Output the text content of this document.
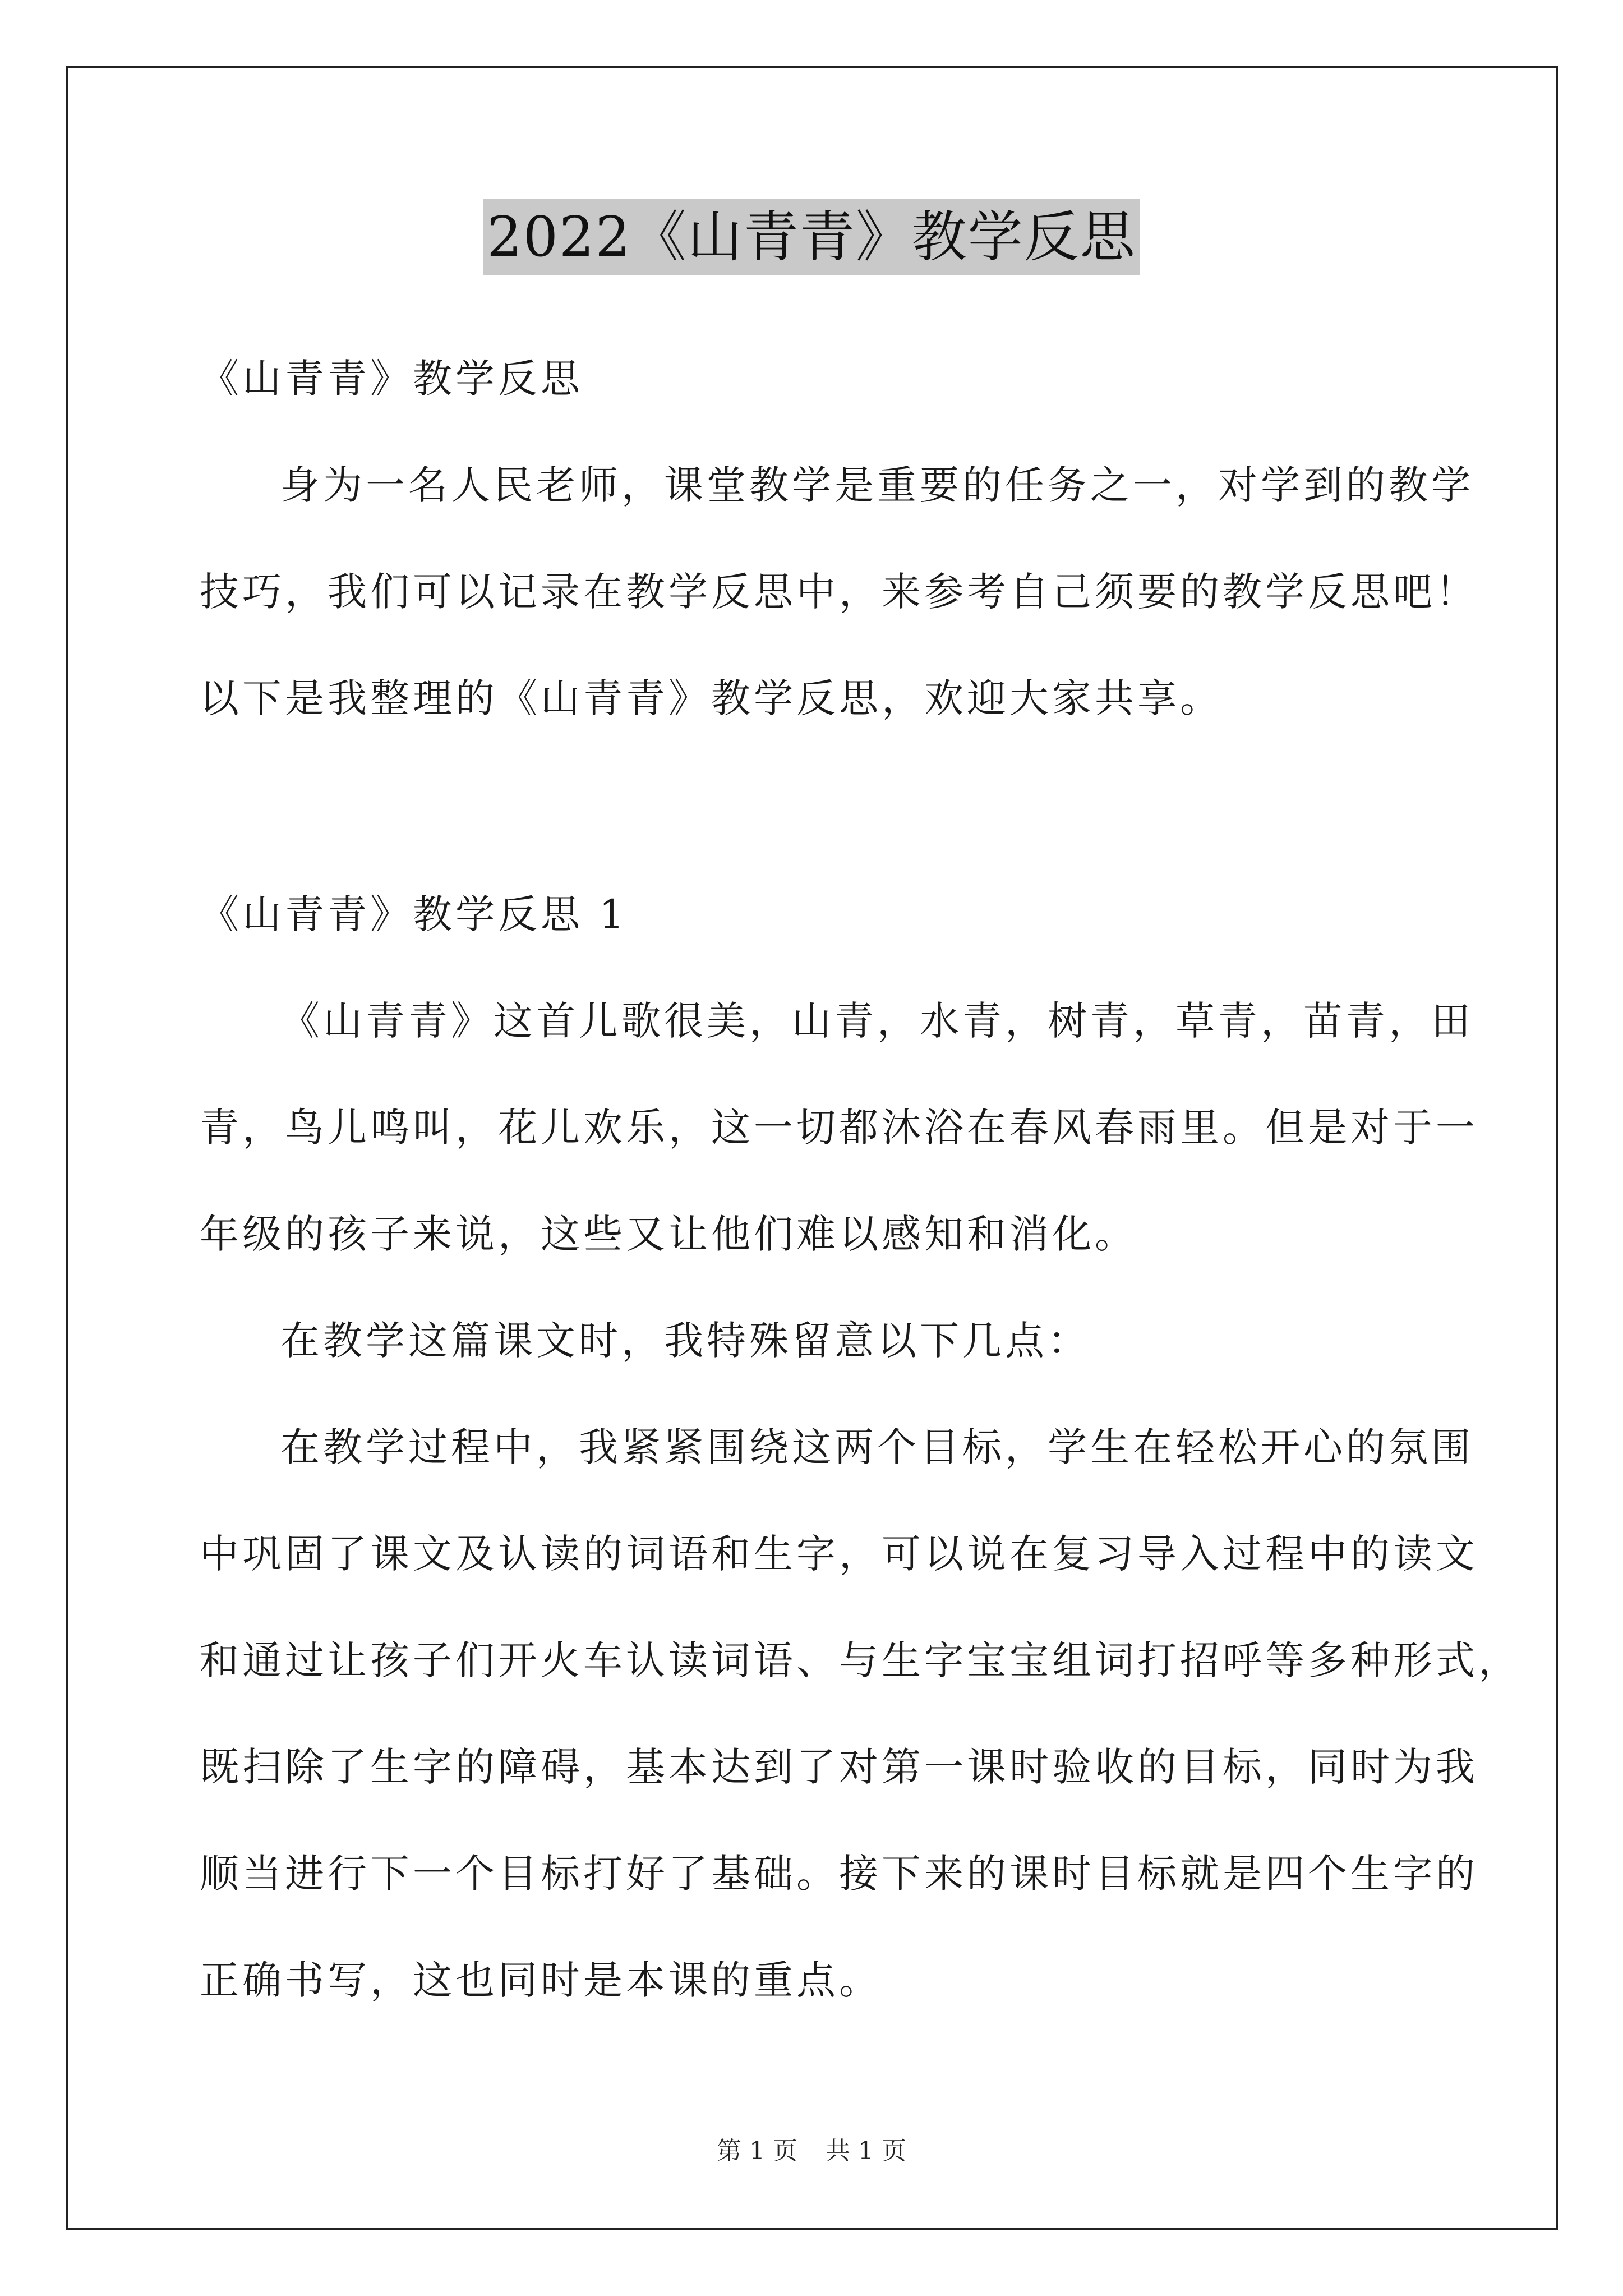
2022《山青青》教学反思
《山青青》教学反思
身为一名人民老师，课堂教学是重要的任务之一，对学到的教学
技巧，我们可以记录在教学反思中，来参考自己须要的教学反思吧！
以下是我整理的《山青青》教学反思，欢迎大家共享。
《山青青》教学反思 1
《山青青》这首儿歌很美，山青，水青，树青，草青，苗青，田
青，鸟儿鸣叫，花儿欢乐，这一切都沐浴在春风春雨里。但是对于一
年级的孩子来说，这些又让他们难以感知和消化。
在教学这篇课文时，我特殊留意以下几点：
在教学过程中，我紧紧围绕这两个目标，学生在轻松开心的氛围
中巩固了课文及认读的词语和生字，可以说在复习导入过程中的读文
和通过让孩子们开火车认读词语、与生字宝宝组词打招呼等多种形式，
既扫除了生字的障碍，基本达到了对第一课时验收的目标，同时为我
顺当进行下一个目标打好了基础。接下来的课时目标就是四个生字的
正确书写，这也同时是本课的重点。
第 1 页 共 1 页
